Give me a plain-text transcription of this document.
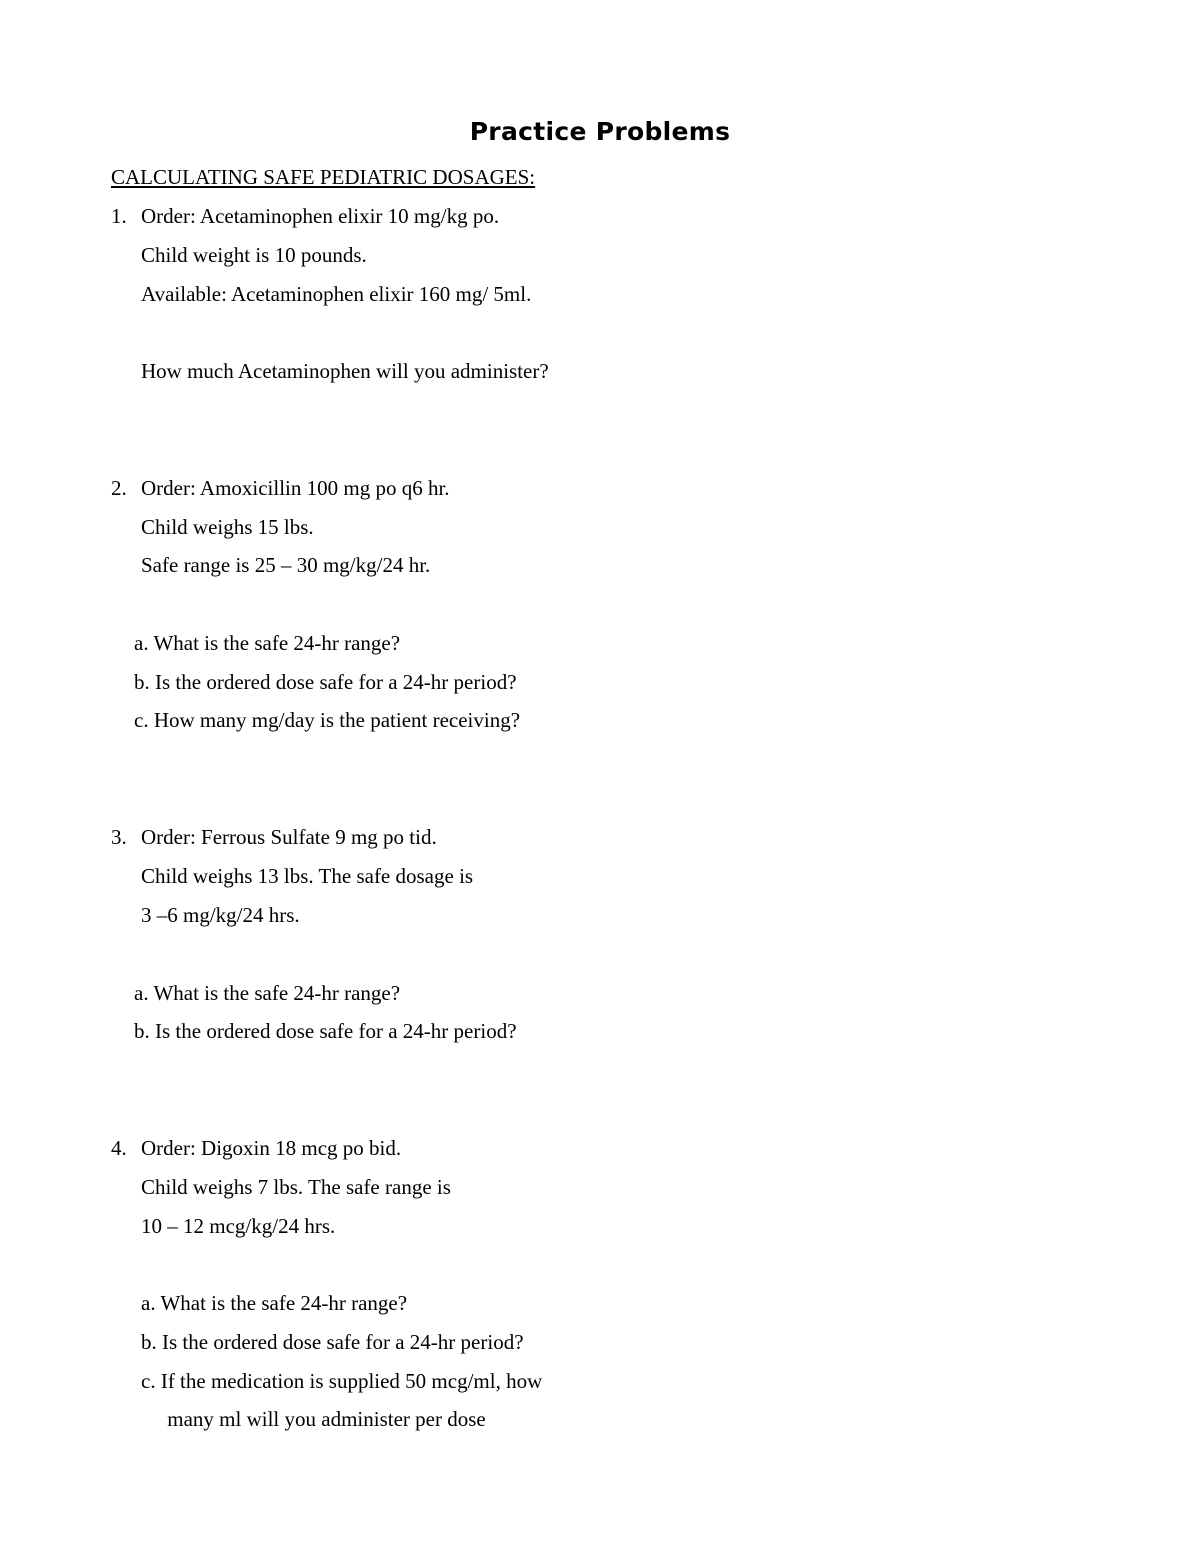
Practice Problems
CALCULATING SAFE PEDIATRIC DOSAGES:
1. Order: Acetaminophen elixir 10 mg/kg po.
Child weight is 10 pounds.
Available: Acetaminophen elixir 160 mg/ 5ml.
How much Acetaminophen will you administer?
2. Order: Amoxicillin 100 mg po q6 hr.
Child weighs 15 lbs.
Safe range is 25 – 30 mg/kg/24 hr.
a. What is the safe 24-hr range?
b. Is the ordered dose safe for a 24-hr period?
c. How many mg/day is the patient receiving?
3. Order: Ferrous Sulfate 9 mg po tid.
Child weighs 13 lbs. The safe dosage is
3 –6 mg/kg/24 hrs.
a. What is the safe 24-hr range?
b. Is the ordered dose safe for a 24-hr period?
4. Order: Digoxin 18 mcg po bid.
Child weighs 7 lbs. The safe range is
10 – 12 mcg/kg/24 hrs.
a. What is the safe 24-hr range?
b. Is the ordered dose safe for a 24-hr period?
c. If the medication is supplied 50 mcg/ml, how
many ml will you administer per dose
